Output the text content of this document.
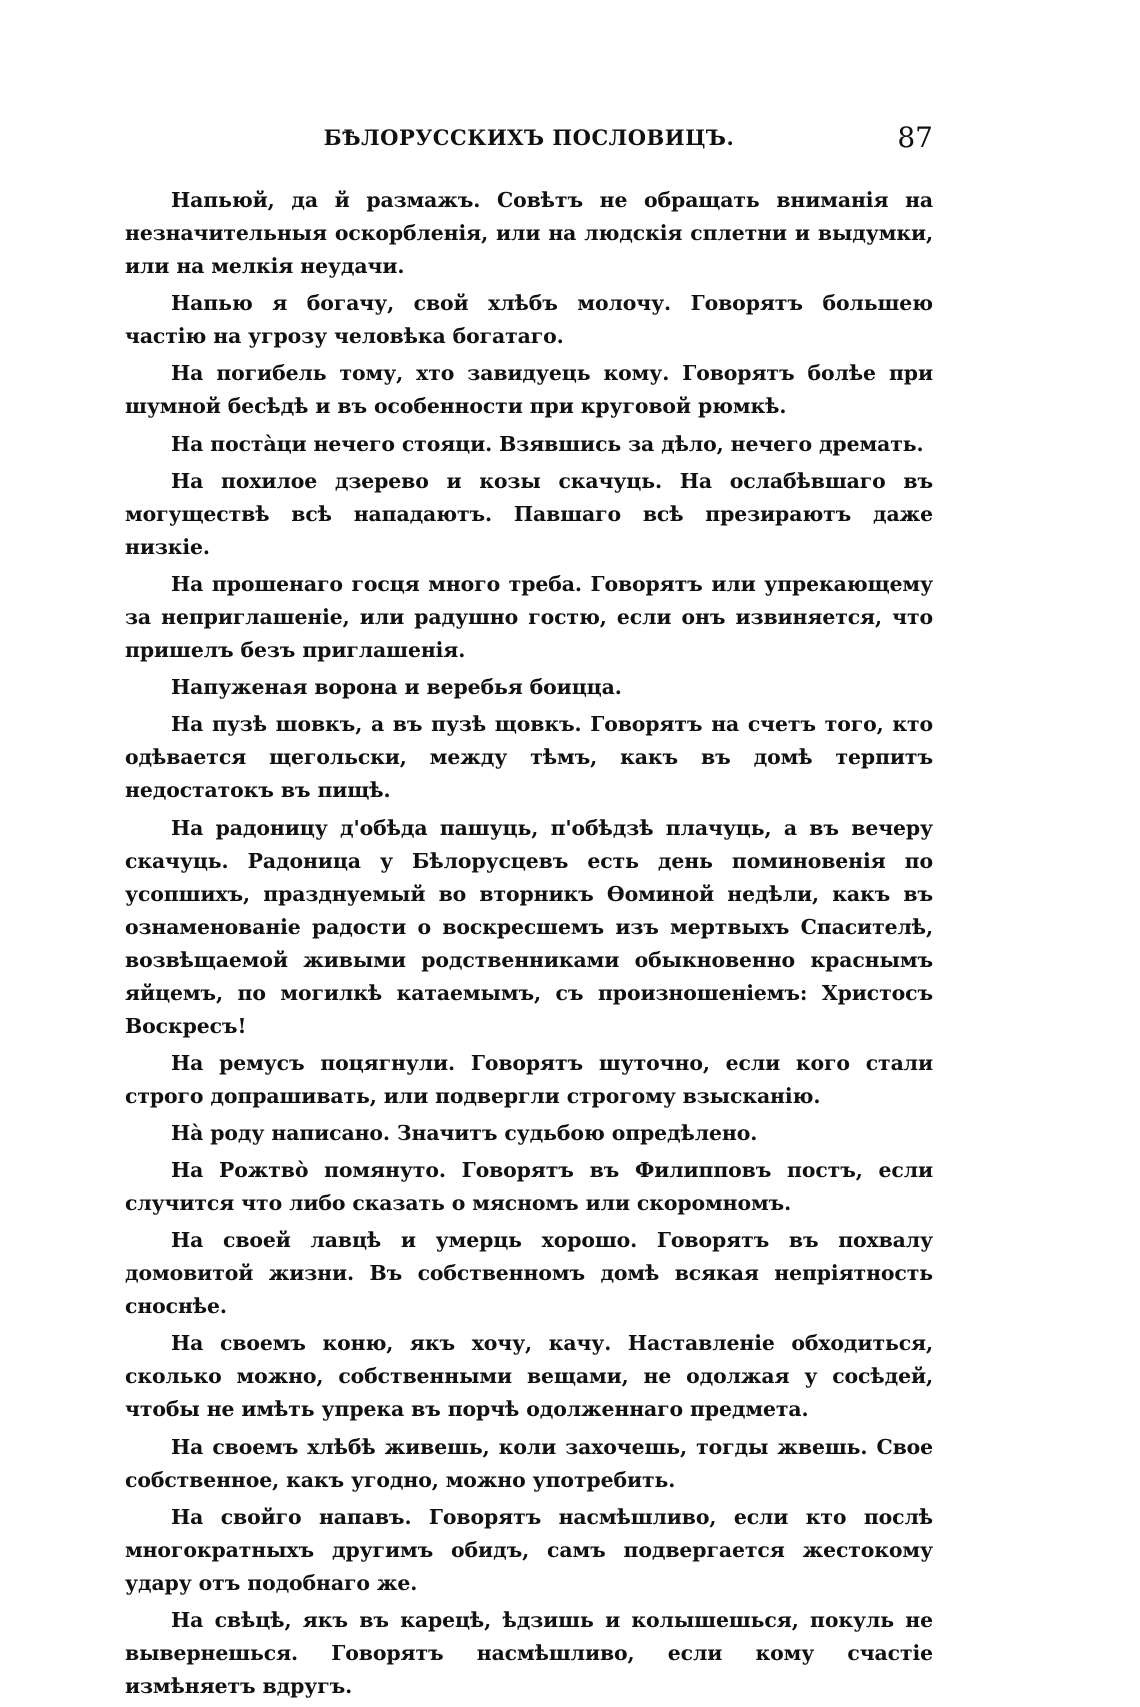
БѢЛОРУССКИХЪ ПОСЛОВИЦЪ.	87

Напьюй, да й размажъ. Совѣтъ не обращать вниманія на незначительныя оскорбленія, или на людскія сплетни и выдумки, или на мелкія неудачи.

Напью я богачу, свой хлѣбъ молочу. Говорятъ большею частію на угрозу человѣка богатаго.

На погибель тому, хто завидуець кому. Говорятъ болѣе при шумной бесѣдѣ и въ особенности при круговой рюмкѣ.

На постàци нечего стояци. Взявшись за дѣло, нечего дремать.

На похилое дзерево и козы скачуць. На ослабѣвшаго въ могуществѣ всѣ нападаютъ. Павшаго всѣ презираютъ даже низкіе.

На прошенаго госця много треба. Говорятъ или упрекающему за неприглашеніе, или радушно гостю, если онъ извиняется, что пришелъ безъ приглашенія.

Напуженая ворона и веребья боицца.

На пузѣ шовкъ, а въ пузѣ щовкъ. Говорятъ на счетъ того, кто одѣвается щегольски, между тѣмъ, какъ въ домѣ терпитъ недостатокъ въ пищѣ.

На радоницу д'обѣда пашуць, п'обѣдзѣ плачуць, а въ вечеру скачуць. Радоница у Бѣлорусцевъ есть день поминовенія по усопшихъ, празднуемый во вторникъ Ѳоминой недѣли, какъ въ ознаменованіе радости о воскресшемъ изъ мертвыхъ Спасителѣ, возвѣщаемой живыми родственниками обыкновенно краснымъ яйцемъ, по могилкѣ катаемымъ, съ произношеніемъ: Христосъ Воскресъ!

На ремусъ поцягнули. Говорятъ шуточно, если кого стали строго допрашивать, или подвергли строгому взысканію.

Нà роду написано. Значитъ судьбою опредѣлено.

На Рожтвò помянуто. Говорятъ въ Филипповъ постъ, если случится что либо сказать о мясномъ или скоромномъ.

На своей лавцѣ и умерць хорошо. Говорятъ въ похвалу домовитой жизни. Въ собственномъ домѣ всякая непріятность сноснѣе.

На своемъ коню, якъ хочу, качу. Наставленіе обходиться, сколько можно, собственными вещами, не одолжая у сосѣдей, чтобы не имѣть упрека въ порчѣ одолженнаго предмета.

На своемъ хлѣбѣ живешь, коли захочешь, тогды жвешь. Свое собственное, какъ угодно, можно употребить.

На свойго напавъ. Говорятъ насмѣшливо, если кто послѣ многократныхъ другимъ обидъ, самъ подвергается жестокому удару отъ подобнаго же.

На свѣцѣ, якъ въ карецѣ, ѣдзишь и колышешься, покуль не вывернешься. Говорятъ насмѣшливо, если кому счастіе измѣняетъ вдругъ.
